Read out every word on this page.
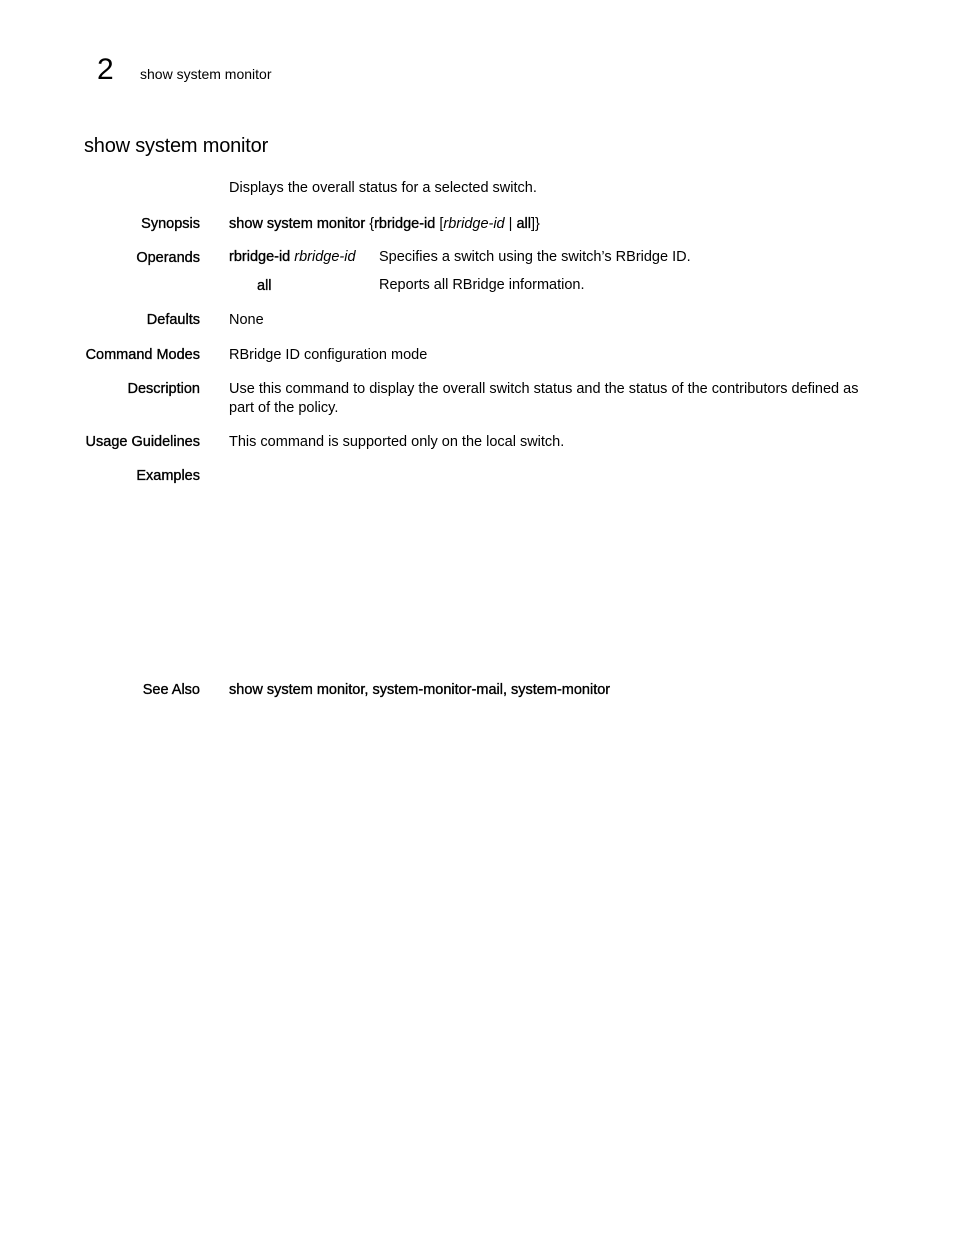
2 show system monitor
show system monitor
Displays the overall status for a selected switch.
Synopsis show system monitor {rbridge-id [rbridge-id | all]}
Operands rbridge-id rbridge-id Specifies a switch using the switch’s RBridge ID.
all	Reports all RBridge information.
Defaults None
Command Modes RBridge ID configuration mode
Description Use this command to display the overall switch status and the status of the contributors defined as part of the policy.
Usage Guidelines This command is supported only on the local switch.
Examples
See Also show system monitor, system-monitor-mail, system-monitor
